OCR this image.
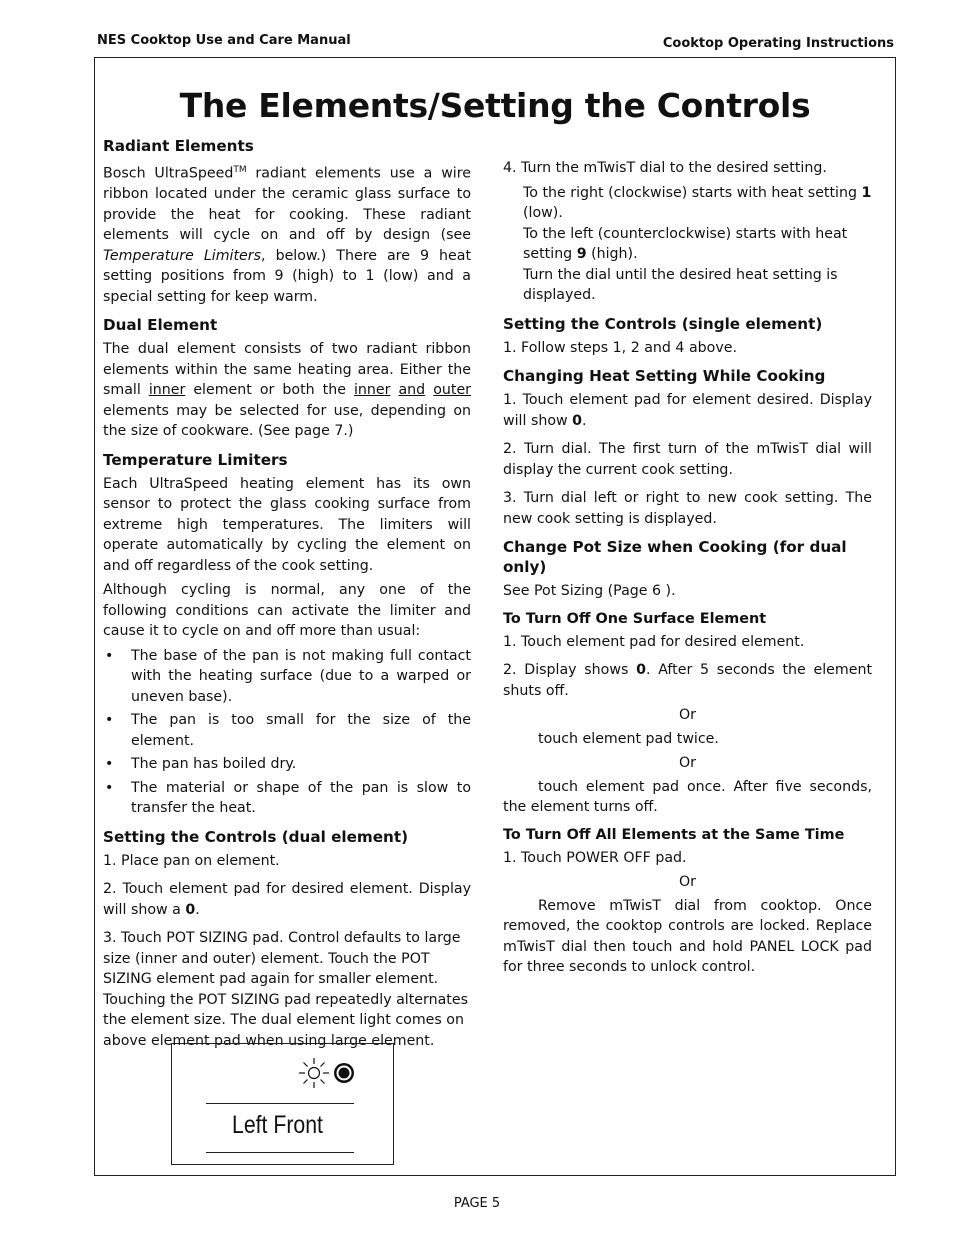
NES Cooktop Use and Care Manual	Cooktop Operating Instructions
The Elements/Setting the Controls
Radiant Elements

Bosch UltraSpeed™ radiant elements use a wire ribbon located under the ceramic glass surface to provide the heat for cooking. These radiant elements will cycle on and off by design (see Temperature Limiters, below.) There are 9 heat setting positions from 9 (high) to 1 (low) and a special setting for keep warm.

Dual Element

The dual element consists of two radiant ribbon elements within the same heating area. Either the small inner element or both the inner and outer elements may be selected for use, depending on the size of cookware. (See page 7.)

Temperature Limiters

Each UltraSpeed heating element has its own sensor to protect the glass cooking surface from extreme high temperatures. The limiters will operate automatically by cycling the element on and off regardless of the cook setting.

Although cycling is normal, any one of the following conditions can activate the limiter and cause it to cycle on and off more than usual:

• The base of the pan is not making full contact with the heating surface (due to a warped or uneven base).
• The pan is too small for the size of the element.
• The pan has boiled dry.
• The material or shape of the pan is slow to transfer the heat.
Setting the Controls (dual element)

1. Place pan on element.

2. Touch element pad for desired element. Display will show a 0.

3. Touch POT SIZING pad. Control defaults to large size (inner and outer) element. Touch the POT SIZING element pad again for smaller element. Touching the POT SIZING pad repeatedly alternates the element size. The dual element light comes on above element pad when using large element.

Left Front

4. Turn the mTwisT dial to the desired setting.

To the right (clockwise) starts with heat setting 1 (low).
To the left (counterclockwise) starts with heat setting 9 (high).
Turn the dial until the desired heat setting is displayed.

Setting the Controls (single element)

1. Follow steps 1, 2 and 4 above.

Changing Heat Setting While Cooking

1. Touch element pad for element desired. Display will show 0.

2. Turn dial. The first turn of the mTwisT dial will display the current cook setting.

3. Turn dial left or right to new cook setting. The new cook setting is displayed.

Change Pot Size when Cooking (for dual only)

See Pot Sizing (Page 6 ).

To Turn Off One Surface Element

1. Touch element pad for desired element.

2. Display shows 0. After 5 seconds the element shuts off.

Or

touch element pad twice.

Or

touch element pad once. After five seconds, the element turns off.

To Turn Off All Elements at the Same Time

1. Touch POWER OFF pad.

Or

Remove mTwisT dial from cooktop. Once removed, the cooktop controls are locked. Replace mTwisT dial then touch and hold PANEL LOCK pad for three seconds to unlock control.

PAGE 5
